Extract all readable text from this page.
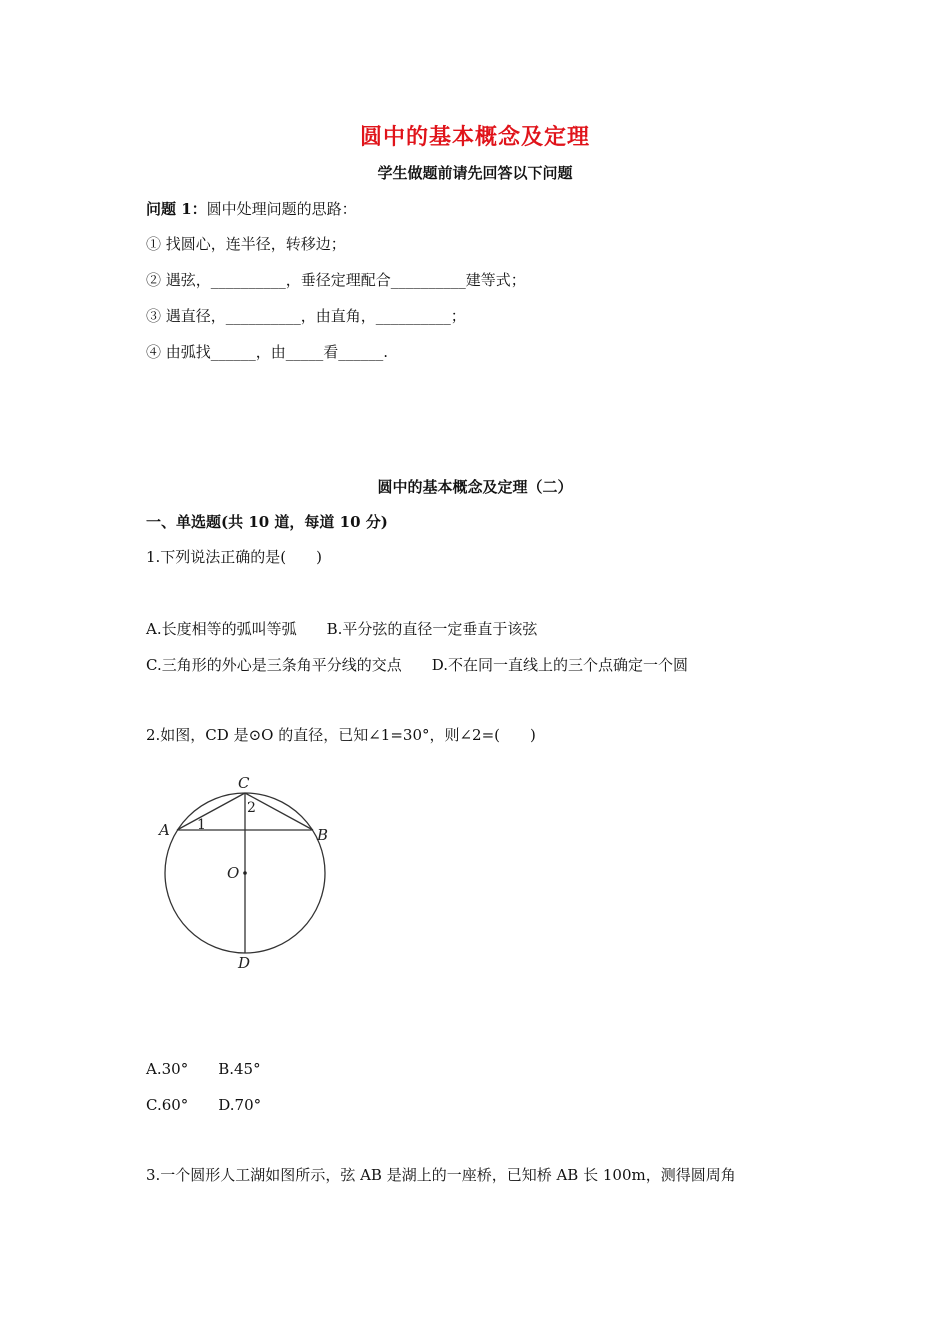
圆中的基本概念及定理
学生做题前请先回答以下问题
问题 1：圆中处理问题的思路：
① 找圆心，连半径，转移边；
② 遇弦，__________，垂径定理配合__________建等式；
③ 遇直径，__________，由直角，__________；
④ 由弧找______，由_____看______.
圆中的基本概念及定理（二）
一、单选题(共 10 道，每道 10 分)
1.下列说法正确的是(　　)
A.长度相等的弧叫等弧　　B.平分弦的直径一定垂直于该弦
C.三角形的外心是三条角平分线的交点　　D.不在同一直线上的三个点确定一个圆
2.如图，CD 是⊙O 的直径，已知∠1=30°，则∠2=(　　)
C
A	B
O
D
1
2
A.30°　　B.45°
C.60°　　D.70°
3.一个圆形人工湖如图所示，弦 AB 是湖上的一座桥，已知桥 AB 长 100m，测得圆周角
